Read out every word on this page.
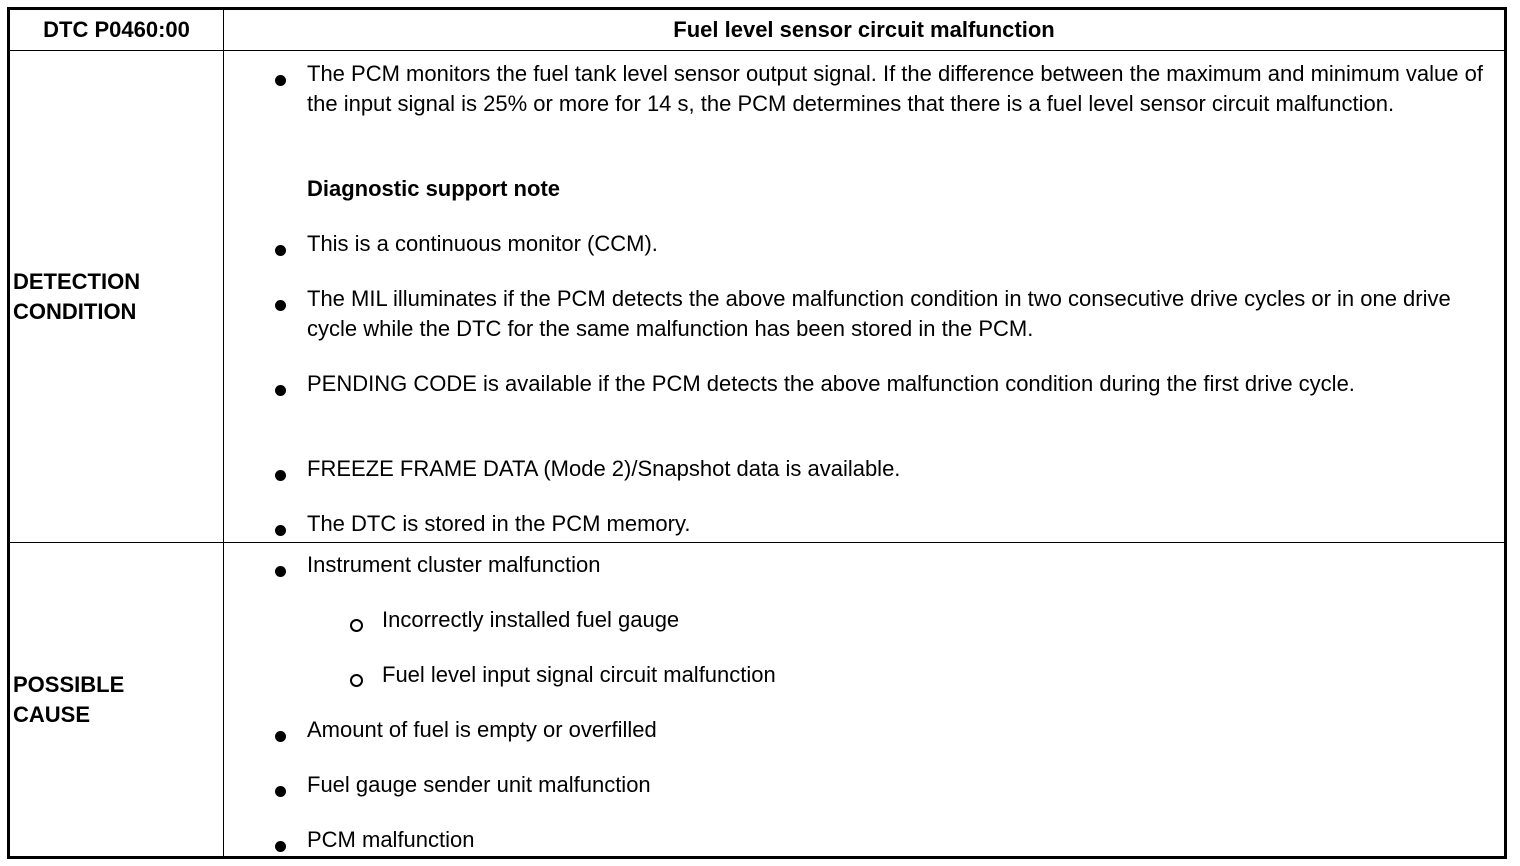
DTC P0460:00	Fuel level sensor circuit malfunction
DETECTION
CONDITION
The PCM monitors the fuel tank level sensor output signal. If the difference between the maximum and minimum value of the input signal is 25% or more for 14 s, the PCM determines that there is a fuel level sensor circuit malfunction.
Diagnostic support note
This is a continuous monitor (CCM).
The MIL illuminates if the PCM detects the above malfunction condition in two consecutive drive cycles or in one drive cycle while the DTC for the same malfunction has been stored in the PCM.
PENDING CODE is available if the PCM detects the above malfunction condition during the first drive cycle.
FREEZE FRAME DATA (Mode 2)/Snapshot data is available.
The DTC is stored in the PCM memory.
POSSIBLE
CAUSE
Instrument cluster malfunction
Incorrectly installed fuel gauge
Fuel level input signal circuit malfunction
Amount of fuel is empty or overfilled
Fuel gauge sender unit malfunction
PCM malfunction
